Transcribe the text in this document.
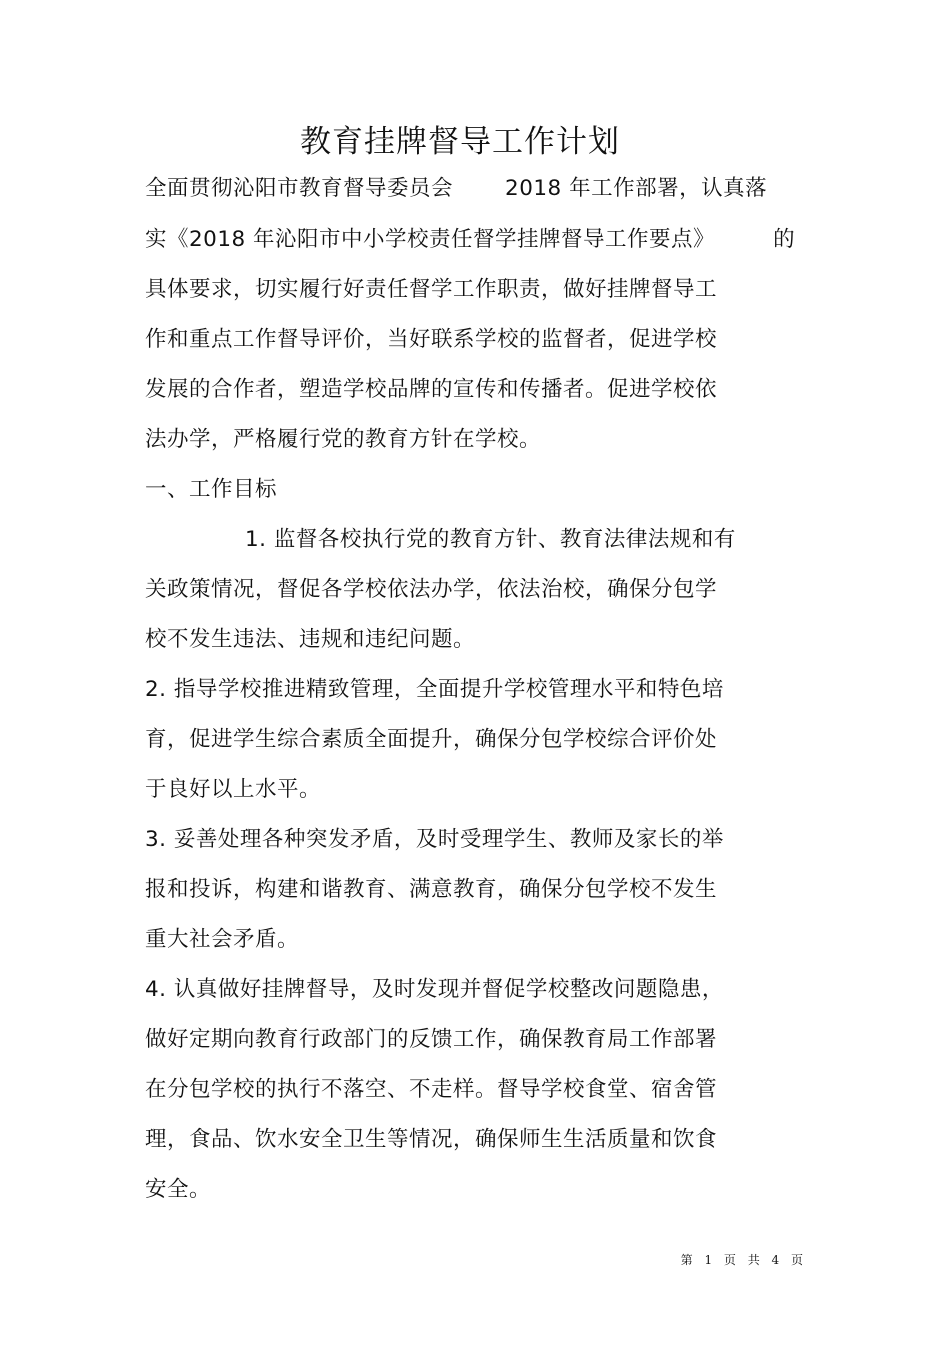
教育挂牌督导工作计划
全面贯彻沁阳市教育督导委员会 2018 年工作部署，认真落
实《2018 年沁阳市中小学校责任督学挂牌督导工作要点》	的
具体要求，切实履行好责任督学工作职责，做好挂牌督导工
作和重点工作督导评价，当好联系学校的监督者，促进学校
发展的合作者，塑造学校品牌的宣传和传播者。促进学校依
法办学，严格履行党的教育方针在学校。
一、工作目标
1. 监督各校执行党的教育方针、教育法律法规和有
关政策情况，督促各学校依法办学，依法治校，确保分包学
校不发生违法、违规和违纪问题。
2. 指导学校推进精致管理，全面提升学校管理水平和特色培
育，促进学生综合素质全面提升，确保分包学校综合评价处
于良好以上水平。
3. 妥善处理各种突发矛盾，及时受理学生、教师及家长的举
报和投诉，构建和谐教育、满意教育，确保分包学校不发生
重大社会矛盾。
4. 认真做好挂牌督导，及时发现并督促学校整改问题隐患，
做好定期向教育行政部门的反馈工作，确保教育局工作部署
在分包学校的执行不落空、不走样。督导学校食堂、宿舍管
理，食品、饮水安全卫生等情况，确保师生生活质量和饮食
安全。
第 1 页 共 4 页
